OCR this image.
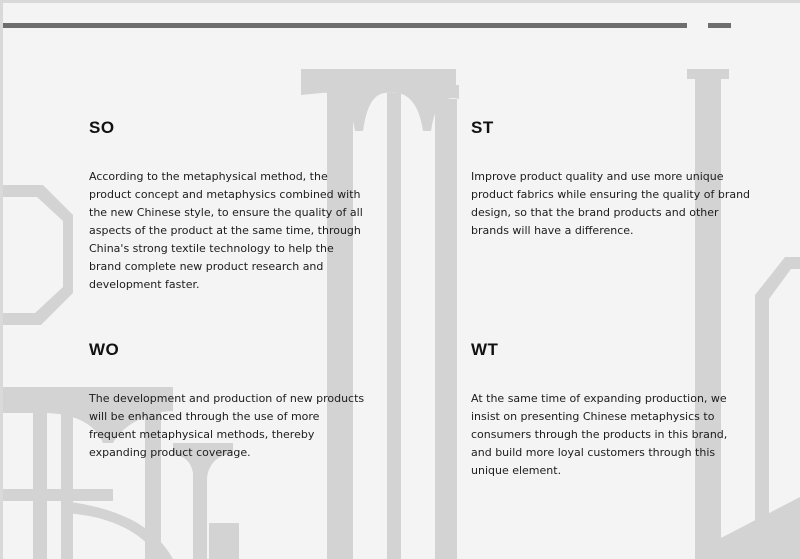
SO

According to the metaphysical method, the product concept and metaphysics combined with the new Chinese style, to ensure the quality of all aspects of the product at the same time, through China's strong textile technology to help the brand complete new product research and development faster.

ST

Improve product quality and use more unique product fabrics while ensuring the quality of brand design, so that the brand products and other brands will have a difference.

WO

The development and production of new products will be enhanced through the use of more frequent metaphysical methods, thereby expanding product coverage.

WT

At the same time of expanding production, we insist on presenting Chinese metaphysics to consumers through the products in this brand, and build more loyal customers through this unique element.
